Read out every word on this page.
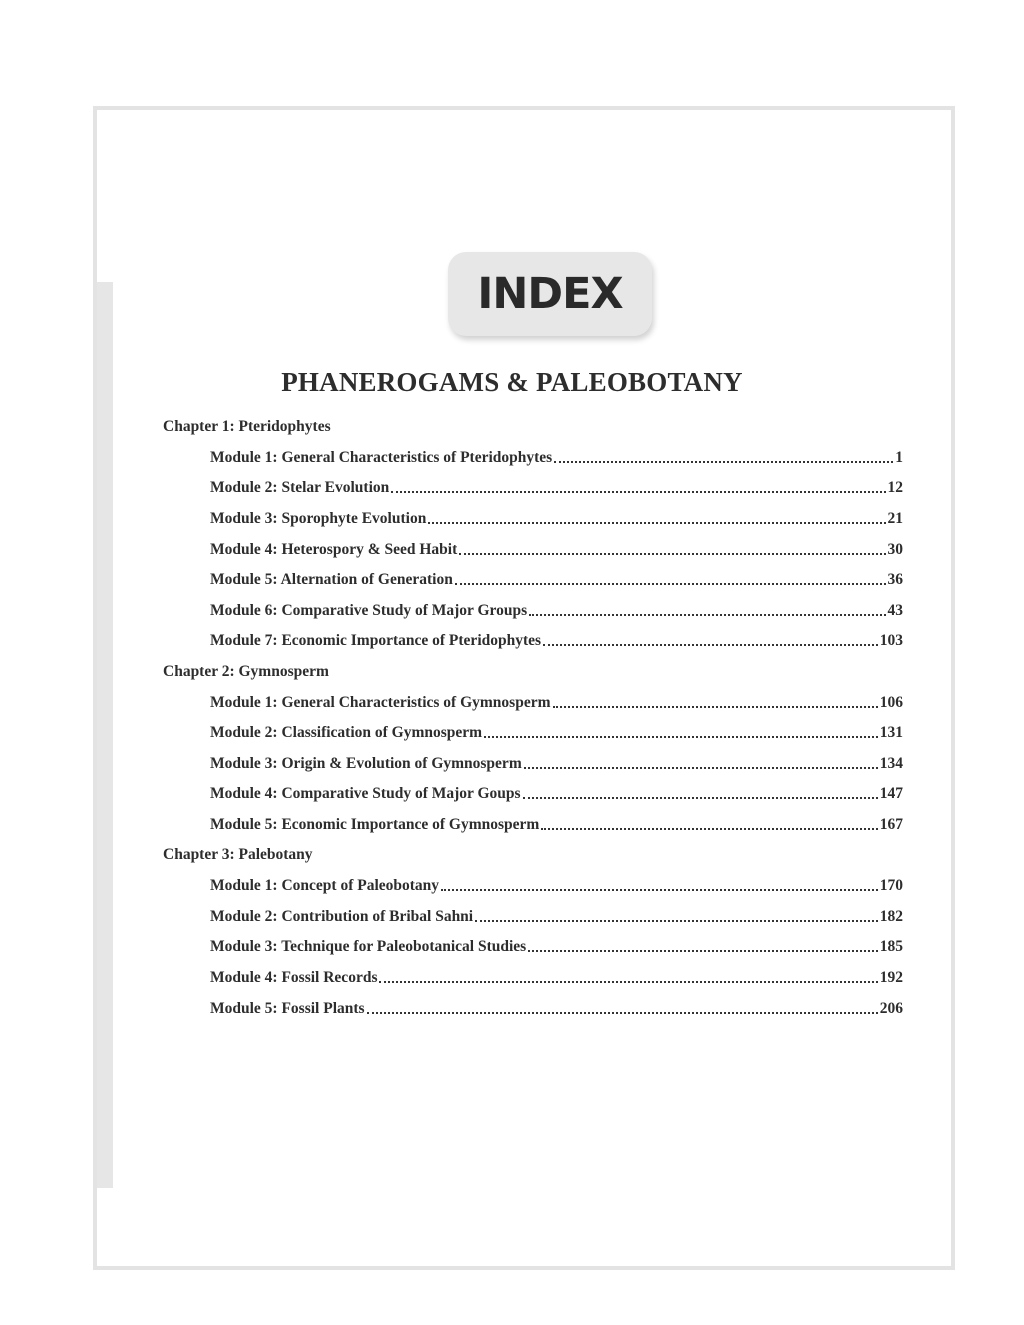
INDEX
PHANEROGAMS & PALEOBOTANY
Chapter 1: Pteridophytes
Module 1: General Characteristics of Pteridophytes	1
Module 2: Stelar Evolution	12
Module 3: Sporophyte Evolution	21
Module 4: Heterospory & Seed Habit	30
Module 5: Alternation of Generation	36
Module 6: Comparative Study of Major Groups	43
Module 7: Economic Importance of Pteridophytes	103
Chapter 2: Gymnosperm
Module 1: General Characteristics of Gymnosperm	106
Module 2: Classification of Gymnosperm	131
Module 3: Origin & Evolution of Gymnosperm	134
Module 4: Comparative Study of Major Goups	147
Module 5: Economic Importance of Gymnosperm	167
Chapter 3: Palebotany
Module 1: Concept of Paleobotany	170
Module 2: Contribution of Bribal Sahni	182
Module 3: Technique for Paleobotanical Studies	185
Module 4: Fossil Records	192
Module 5: Fossil Plants	206
